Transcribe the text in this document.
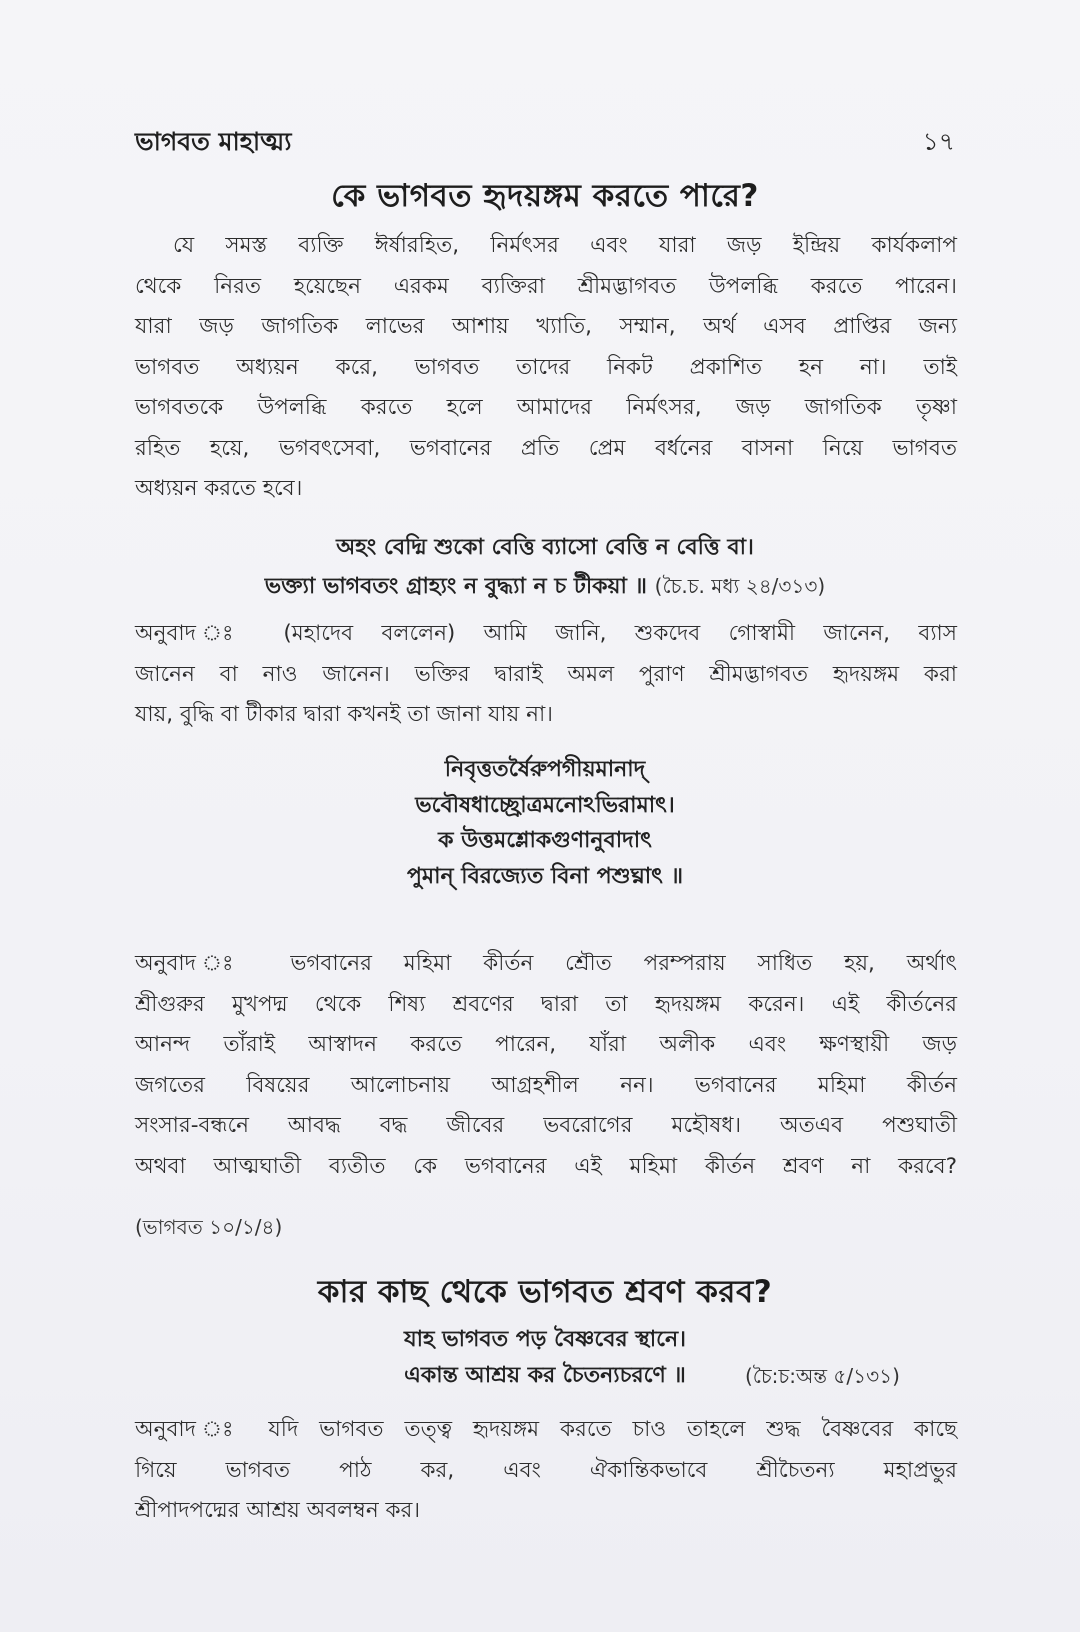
ভাগবত মাহাত্ম্য	১৭
কে ভাগবত হৃদয়ঙ্গম করতে পারে?
যে সমস্ত ব্যক্তি ঈর্ষারহিত, নির্মৎসর এবং যারা জড় ইন্দ্রিয় কার্যকলাপ
থেকে নিরত হয়েছেন এরকম ব্যক্তিরা শ্রীমদ্ভাগবত উপলব্ধি করতে পারেন।
যারা জড় জাগতিক লাভের আশায় খ্যাতি, সম্মান, অর্থ এসব প্রাপ্তির জন্য
ভাগবত অধ্যয়ন করে, ভাগবত তাদের নিকট প্রকাশিত হন না। তাই
ভাগবতকে উপলব্ধি করতে হলে আমাদের নির্মৎসর, জড় জাগতিক তৃষ্ণা
রহিত হয়ে, ভগবৎসেবা, ভগবানের প্রতি প্রেম বর্ধনের বাসনা নিয়ে ভাগবত
অধ্যয়ন করতে হবে।
অহং বেদ্মি শুকো বেত্তি ব্যাসো বেত্তি ন বেত্তি বা।
ভক্ত্যা ভাগবতং গ্রাহ্যং ন বুদ্ধ্যা ন চ টীকয়া ॥ (চৈ.চ. মধ্য ২৪/৩১৩)
অনুবাদ ঃ (মহাদেব বললেন) আমি জানি, শুকদেব গোস্বামী জানেন, ব্যাস
জানেন বা নাও জানেন। ভক্তির দ্বারাই অমল পুরাণ শ্রীমদ্ভাগবত হৃদয়ঙ্গম করা
যায়, বুদ্ধি বা টীকার দ্বারা কখনই তা জানা যায় না।
নিবৃত্ততর্ষৈরুপগীয়মানাদ্
ভবৌষধাচ্ছ্রোত্রমনোঽভিরামাৎ।
ক উত্তমশ্লোকগুণানুবাদাৎ
পুমান্ বিরজ্যেত বিনা পশুঘ্নাৎ ॥
অনুবাদ ঃ ভগবানের মহিমা কীর্তন শ্রৌত পরম্পরায় সাধিত হয়, অর্থাৎ
শ্রীগুরুর মুখপদ্ম থেকে শিষ্য শ্রবণের দ্বারা তা হৃদয়ঙ্গম করেন। এই কীর্তনের
আনন্দ তাঁরাই আস্বাদন করতে পারেন, যাঁরা অলীক এবং ক্ষণস্থায়ী জড়
জগতের বিষয়ের আলোচনায় আগ্রহশীল নন। ভগবানের মহিমা কীর্তন
সংসার-বন্ধনে আবদ্ধ বদ্ধ জীবের ভবরোগের মহৌষধ। অতএব পশুঘাতী
অথবা আত্মঘাতী ব্যতীত কে ভগবানের এই মহিমা কীর্তন শ্রবণ না করবে?
(ভাগবত ১০/১/৪)
কার কাছ থেকে ভাগবত শ্রবণ করব?
যাহ ভাগবত পড় বৈষ্ণবের স্থানে।
একান্ত আশ্রয় কর চৈতন্যচরণে ॥	(চৈ:চ:অন্ত ৫/১৩১)
অনুবাদ ঃ যদি ভাগবত তত্ত্ব হৃদয়ঙ্গম করতে চাও তাহলে শুদ্ধ বৈষ্ণবের কাছে
গিয়ে ভাগবত পাঠ কর, এবং ঐকান্তিকভাবে শ্রীচৈতন্য মহাপ্রভুর
শ্রীপাদপদ্মের আশ্রয় অবলম্বন কর।
